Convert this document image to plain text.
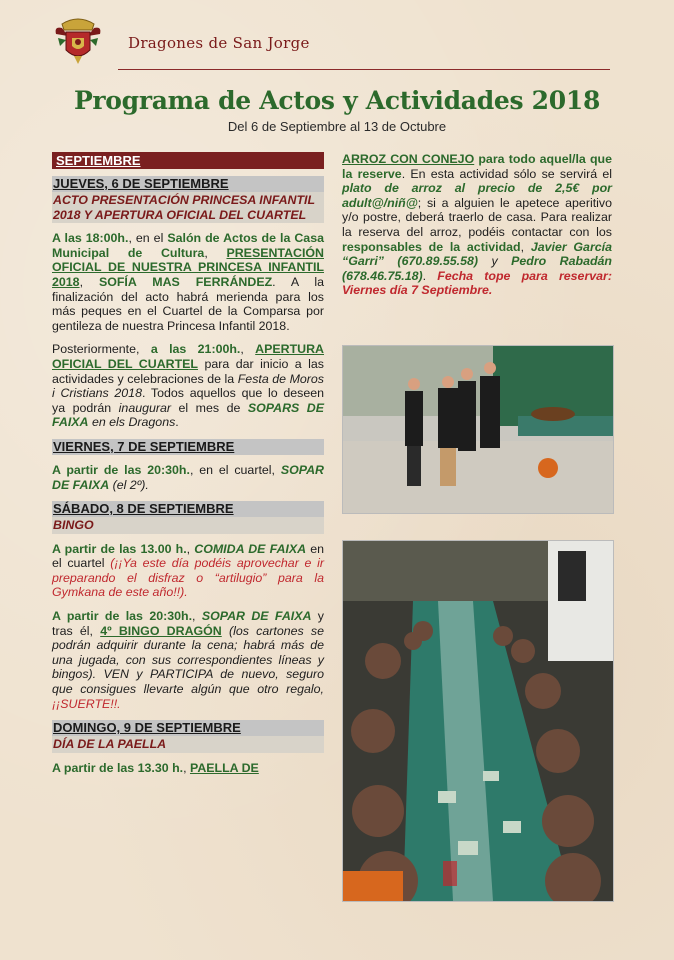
Dragones de San Jorge
Programa de Actos y Actividades 2018
Del 6 de Septiembre al 13 de Octubre
SEPTIEMBRE
JUEVES, 6 DE SEPTIEMBRE
ACTO PRESENTACIÓN PRINCESA INFANTIL 2018 Y APERTURA OFICIAL DEL CUARTEL

A las 18:00h., en el Salón de Actos de la Casa Municipal de Cultura, PRESENTACIÓN OFICIAL DE NUESTRA PRINCESA INFANTIL 2018, SOFÍA MAS FERRÁNDEZ. A la finalización del acto habrá merienda para los más peques en el Cuartel de la Comparsa por gentileza de nuestra Princesa Infantil 2018.

Posteriormente, a las 21:00h., APERTURA OFICIAL DEL CUARTEL para dar inicio a las actividades y celebraciones de la Festa de Moros i Cristians 2018. Todos aquellos que lo deseen ya podrán inaugurar el mes de SOPARS DE FAIXA en els Dragons.

VIERNES, 7 DE SEPTIEMBRE

A partir de las 20:30h., en el cuartel, SOPAR DE FAIXA (el 2º).

SÁBADO, 8 DE SEPTIEMBRE
BINGO

A partir de las 13.00 h., COMIDA DE FAIXA en el cuartel (¡¡Ya este día podéis aprovechar e ir preparando el disfraz o “artilugio” para la Gymkana de este año!!).

A partir de las 20:30h., SOPAR DE FAIXA y tras él, 4º BINGO DRAGÓN (los cartones se podrán adquirir durante la cena; habrá más de una jugada, con sus correspondientes líneas y bingos). VEN y PARTICIPA de nuevo, seguro que consigues llevarte algún que otro regalo, ¡¡SUERTE!!.

DOMINGO, 9 DE SEPTIEMBRE
DÍA DE LA PAELLA

A partir de las 13.30 h., PAELLA DE

ARROZ CON CONEJO para todo aquel/la que la reserve. En esta actividad sólo se servirá el plato de arroz al precio de 2,5€ por adult@/niñ@; si a alguien le apetece aperitivo y/o postre, deberá traerlo de casa. Para realizar la reserva del arroz, podéis contactar con los responsables de la actividad, Javier García “Garri” (670.89.55.58) y Pedro Rabadán (678.46.75.18). Fecha tope para reservar: Viernes día 7 Septiembre.
